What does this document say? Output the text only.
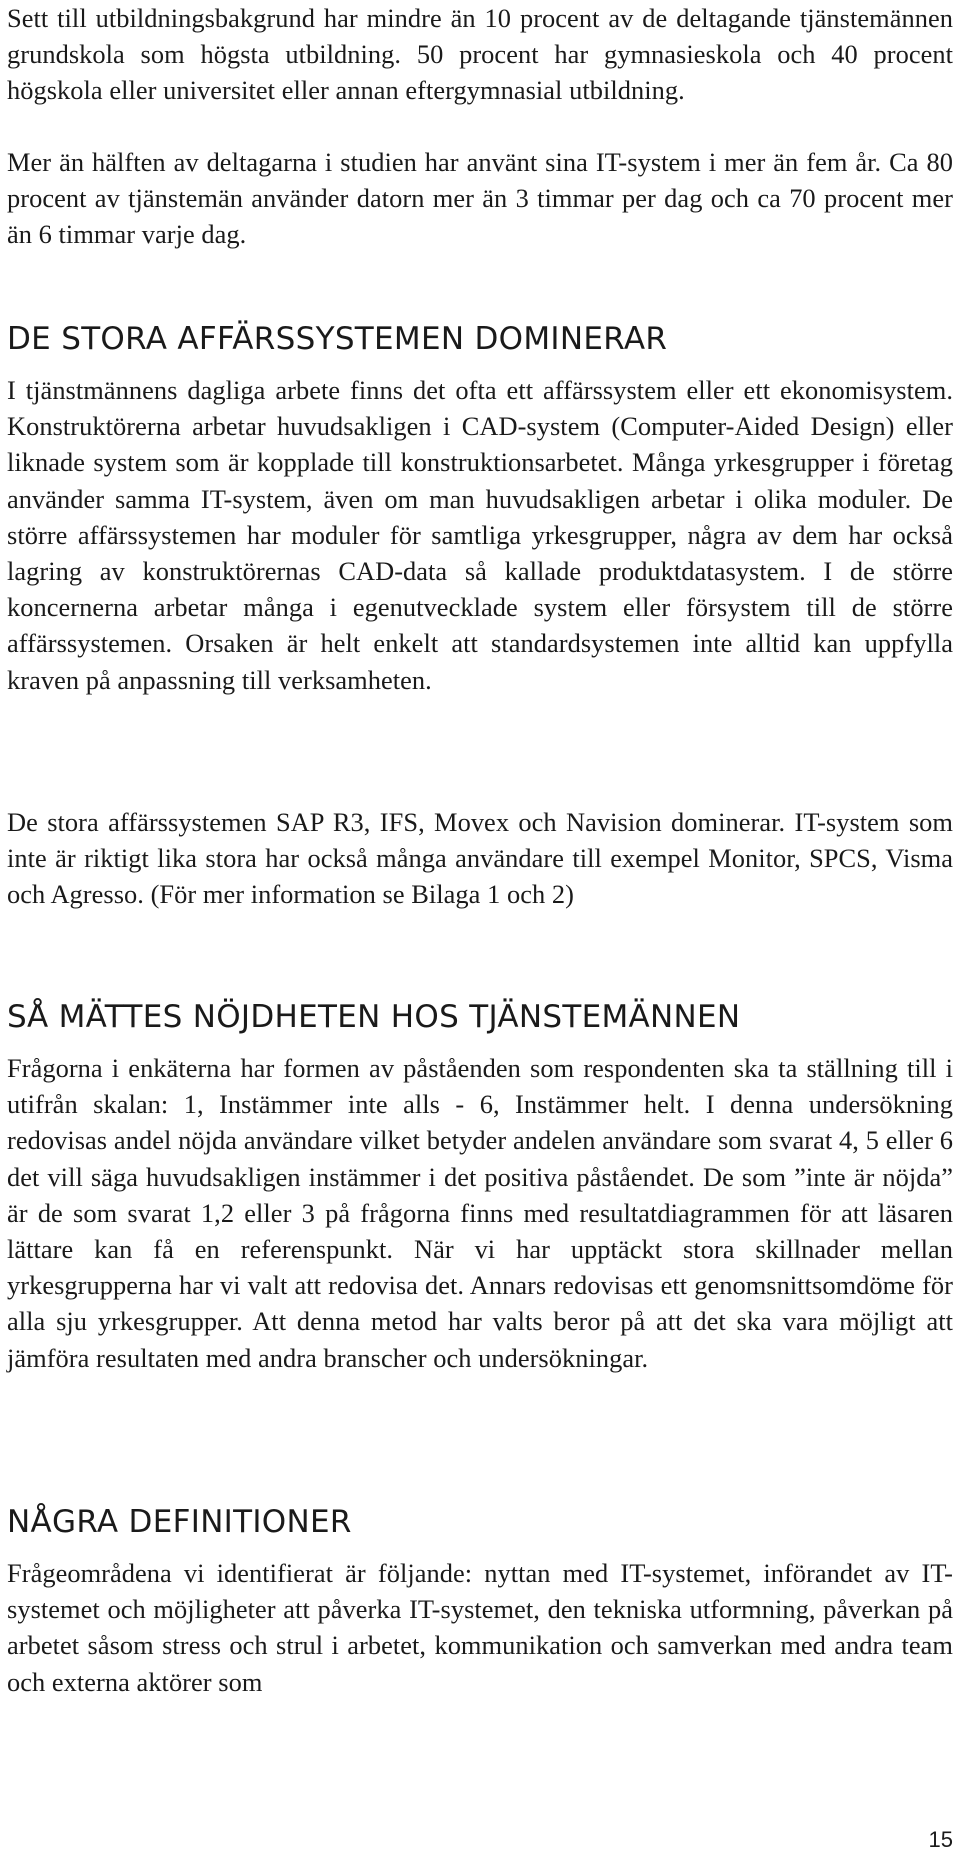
Sett till utbildningsbakgrund har mindre än 10 procent av de deltagande tjänstemännen grundskola som högsta utbildning. 50 procent har gymnasieskola och 40 procent högskola eller universitet eller annan eftergymnasial utbildning.

Mer än hälften av deltagarna i studien har använt sina IT-system i mer än fem år. Ca 80 procent av tjänstemän använder datorn mer än 3 timmar per dag och ca 70 procent mer än 6 timmar varje dag.

DE STORA AFFÄRSSYSTEMEN DOMINERAR

I tjänstmännens dagliga arbete finns det ofta ett affärssystem eller ett ekonomisystem. Konstruktörerna arbetar huvudsakligen i CAD-system (Computer-Aided Design) eller liknade system som är kopplade till konstruktionsarbetet. Många yrkesgrupper i företag använder samma IT-system, även om man huvudsakligen arbetar i olika moduler. De större affärssystemen har moduler för samtliga yrkesgrupper, några av dem har också lagring av konstruktörernas CAD-data så kallade produktdatasystem. I de större koncernerna arbetar många i egenutvecklade system eller försystem till de större affärssystemen. Orsaken är helt enkelt att standardsystemen inte alltid kan uppfylla kraven på anpassning till verksamheten.

De stora affärssystemen SAP R3, IFS, Movex och Navision dominerar. IT-system som inte är riktigt lika stora har också många användare till exempel Monitor, SPCS, Visma och Agresso. (För mer information se Bilaga 1 och 2)

SÅ MÄTTES NÖJDHETEN HOS TJÄNSTEMÄNNEN

Frågorna i enkäterna har formen av påståenden som respondenten ska ta ställning till i utifrån skalan: 1, Instämmer inte alls - 6, Instämmer helt. I denna undersökning redovisas andel nöjda användare vilket betyder andelen användare som svarat 4, 5 eller 6 det vill säga huvudsakligen instämmer i det positiva påståendet. De som ”inte är nöjda” är de som svarat 1,2 eller 3 på frågorna finns med resultatdiagrammen för att läsaren lättare kan få en referenspunkt. När vi har upptäckt stora skillnader mellan yrkesgrupperna har vi valt att redovisa det. Annars redovisas ett genomsnittsomdöme för alla sju yrkesgrupper. Att denna metod har valts beror på att det ska vara möjligt att jämföra resultaten med andra branscher och undersökningar.

NÅGRA DEFINITIONER

Frågeområdena vi identifierat är följande: nyttan med IT-systemet, införandet av IT-systemet och möjligheter att påverka IT-systemet, den tekniska utformning, påverkan på arbetet såsom stress och strul i arbetet, kommunikation och samverkan med andra team och externa aktörer som

15
